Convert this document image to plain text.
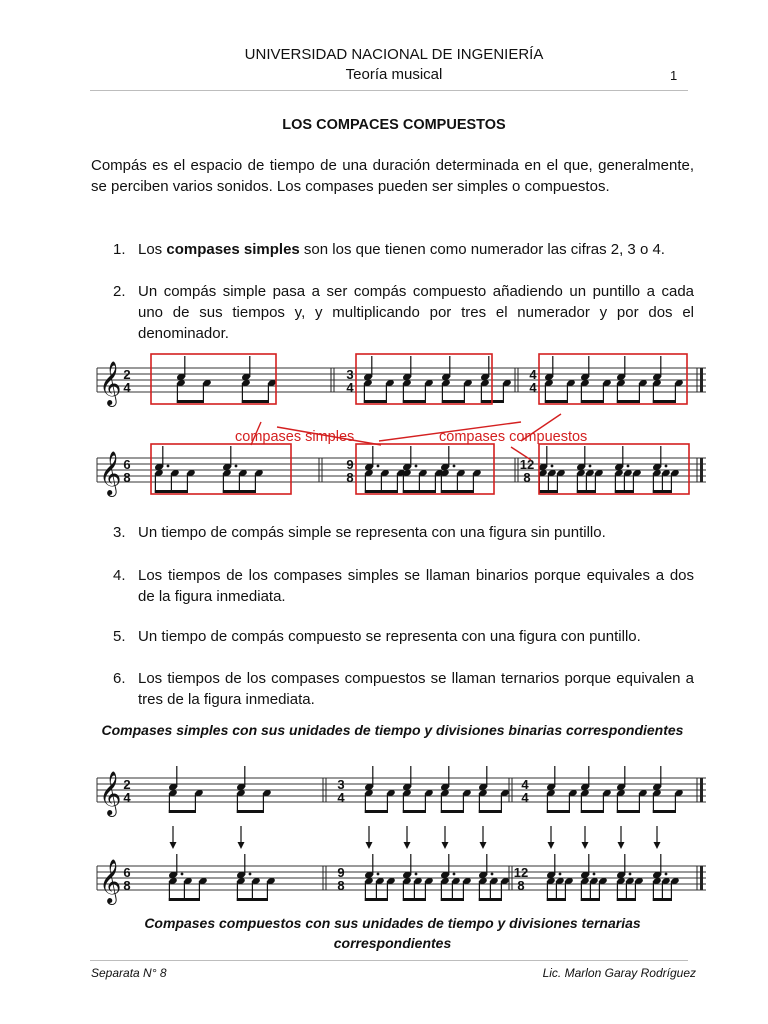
UNIVERSIDAD NACIONAL DE INGENIERÍA
Teoría musical	1
LOS COMPACES COMPUESTOS
Compás es el espacio de tiempo de una duración determinada en el que, generalmente, se perciben varios sonidos. Los compases pueden ser simples o compuestos.
1. Los compases simples son los que tienen como numerador las cifras 2, 3 o 4.
2. Un compás simple pasa a ser compás compuesto añadiendo un puntillo a cada uno de sus tiempos y, y multiplicando por tres el numerador y por dos el denominador.
𝄞 2
4
3
4
4
4
𝄞 6
8
9
8
12
8
compases simples	compases compuestos
3. Un tiempo de compás simple se representa con una figura sin puntillo.
4. Los tiempos de los compases simples se llaman binarios porque equivales a dos de la figura inmediata.
5. Un tiempo de compás compuesto se representa con una figura con puntillo.
6. Los tiempos de los compases compuestos se llaman ternarios porque equivalen a tres de la figura inmediata.
Compases simples con sus unidades de tiempo y divisiones binarias correspondientes
𝄞 2
4
3
4
4
4
𝄞 6
8
9
8
12
8
Compases compuestos con sus unidades de tiempo y divisiones ternarias correspondientes
Separata N° 8	Lic. Marlon Garay Rodríguez
